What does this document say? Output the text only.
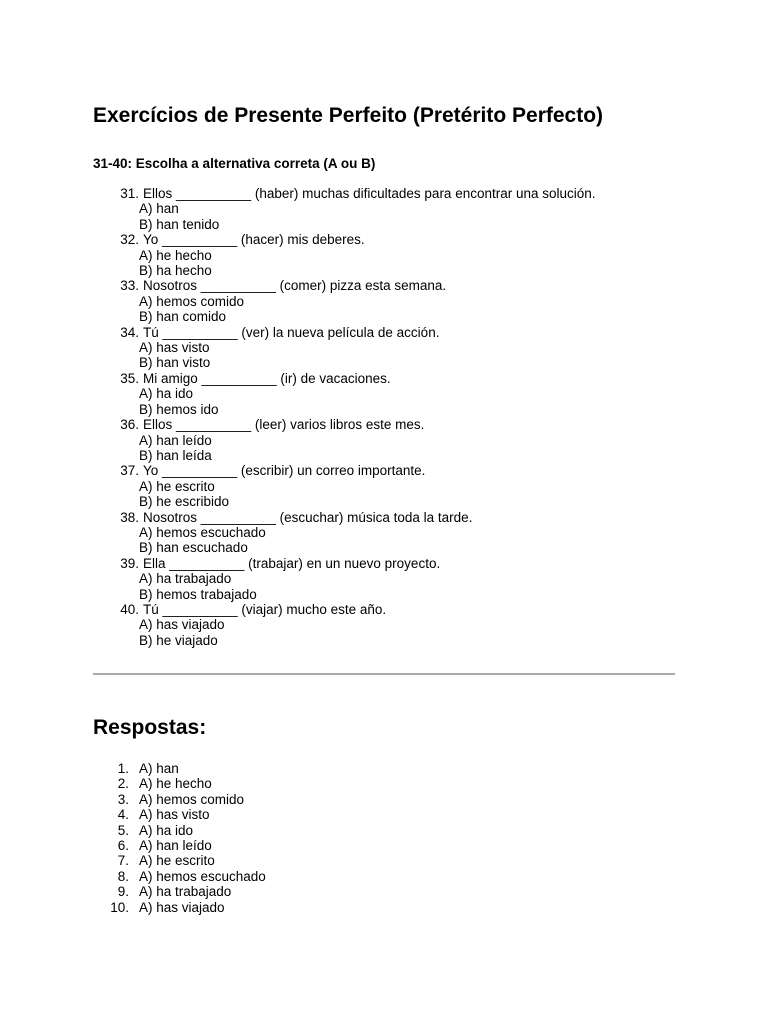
Exercícios de Presente Perfeito (Pretérito Perfecto)

31-40: Escolha a alternativa correta (A ou B)

31. Ellos __________ (haber) muchas dificultades para encontrar una solución.
A) han
B) han tenido
32. Yo __________ (hacer) mis deberes.
A) he hecho
B) ha hecho
33. Nosotros __________ (comer) pizza esta semana.
A) hemos comido
B) han comido
34. Tú __________ (ver) la nueva película de acción.
A) has visto
B) han visto
35. Mi amigo __________ (ir) de vacaciones.
A) ha ido
B) hemos ido
36. Ellos __________ (leer) varios libros este mes.
A) han leído
B) han leída
37. Yo __________ (escribir) un correo importante.
A) he escrito
B) he escribido
38. Nosotros __________ (escuchar) música toda la tarde.
A) hemos escuchado
B) han escuchado
39. Ella __________ (trabajar) en un nuevo proyecto.
A) ha trabajado
B) hemos trabajado
40. Tú __________ (viajar) mucho este año.
A) has viajado
B) he viajado
Respostas:
1. A) han
2. A) he hecho
3. A) hemos comido
4. A) has visto
5. A) ha ido
6. A) han leído
7. A) he escrito
8. A) hemos escuchado
9. A) ha trabajado
10. A) has viajado
